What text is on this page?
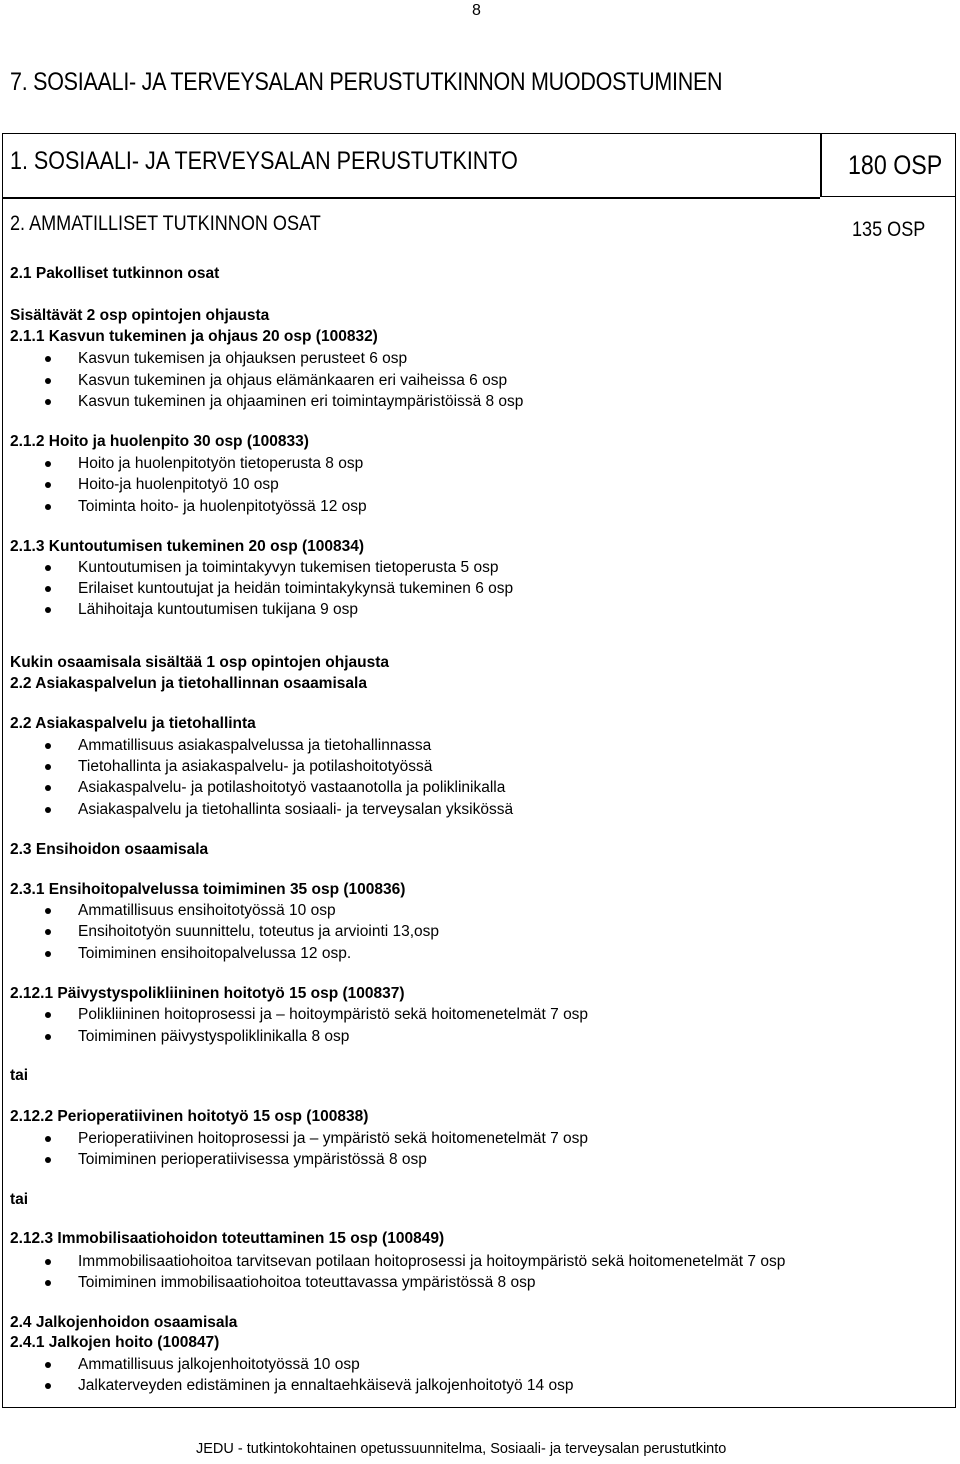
8
7. SOSIAALI- JA TERVEYSALAN PERUSTUTKINNON MUODOSTUMINEN
1. SOSIAALI- JA TERVEYSALAN PERUSTUTKINTO	180 OSP
2. AMMATILLISET TUTKINNON OSAT	135 OSP
2.1 Pakolliset tutkinnon osat
Sisältävät 2 osp opintojen ohjausta
2.1.1 Kasvun tukeminen ja ohjaus 20 osp (100832)
Kasvun tukemisen ja ohjauksen perusteet 6 osp
Kasvun tukeminen ja ohjaus elämänkaaren eri vaiheissa 6 osp
Kasvun tukeminen ja ohjaaminen eri toimintaympäristöissä 8 osp
2.1.2 Hoito ja huolenpito 30 osp (100833)
Hoito ja huolenpitotyön tietoperusta 8 osp
Hoito-ja huolenpitotyö 10 osp
Toiminta hoito- ja huolenpitotyössä 12 osp
2.1.3 Kuntoutumisen tukeminen 20 osp (100834)
Kuntoutumisen ja toimintakyvyn tukemisen tietoperusta 5 osp
Erilaiset kuntoutujat ja heidän toimintakykynsä tukeminen 6 osp
Lähihoitaja kuntoutumisen tukijana 9 osp
Kukin osaamisala sisältää 1 osp opintojen ohjausta
2.2 Asiakaspalvelun ja tietohallinnan osaamisala
2.2 Asiakaspalvelu ja tietohallinta
Ammatillisuus asiakaspalvelussa ja tietohallinnassa
Tietohallinta ja asiakaspalvelu- ja potilashoitotyössä
Asiakaspalvelu- ja potilashoitotyö vastaanotolla ja poliklinikalla
Asiakaspalvelu ja tietohallinta sosiaali- ja terveysalan yksikössä
2.3 Ensihoidon osaamisala
2.3.1 Ensihoitopalvelussa toimiminen 35 osp (100836)
Ammatillisuus ensihoitotyössä 10 osp
Ensihoitotyön suunnittelu, toteutus ja arviointi 13,osp
Toimiminen ensihoitopalvelussa 12 osp.
2.12.1 Päivystyspolikliininen hoitotyö 15 osp (100837)
Polikliininen hoitoprosessi ja – hoitoympäristö sekä hoitomenetelmät 7 osp
Toimiminen päivystyspoliklinikalla 8 osp
tai
2.12.2 Perioperatiivinen hoitotyö 15 osp (100838)
Perioperatiivinen hoitoprosessi ja – ympäristö sekä hoitomenetelmät 7 osp
Toimiminen perioperatiivisessa ympäristössä 8 osp
tai
2.12.3 Immobilisaatiohoidon toteuttaminen 15 osp (100849)
Immmobilisaatiohoitoa tarvitsevan potilaan hoitoprosessi ja hoitoympäristö sekä hoitomenetelmät 7 osp
Toimiminen immobilisaatiohoitoa toteuttavassa ympäristössä 8 osp
2.4 Jalkojenhoidon osaamisala
2.4.1 Jalkojen hoito (100847)
Ammatillisuus jalkojenhoitotyössä 10 osp
Jalkaterveyden edistäminen ja ennaltaehkäisevä jalkojenhoitotyö 14 osp
JEDU - tutkintokohtainen opetussuunnitelma, Sosiaali- ja terveysalan perustutkinto
